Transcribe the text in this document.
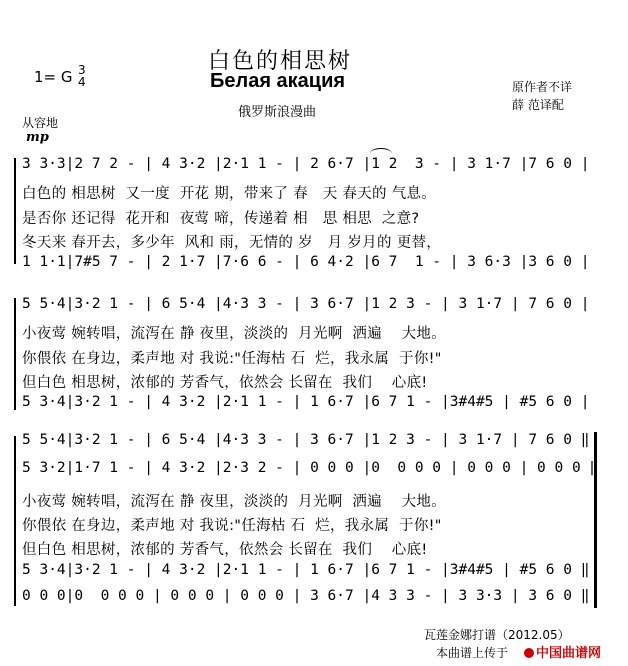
白色的相思树
Белая акация
俄罗斯浪漫曲
1= G 3
4	原作者不详
薛 范译配
从容地
mp
3 3·3|2 7 2 - | 4 3·2 |2·1 1 - | 2 6·7 |1 2  3 - | 3 1·7 |7 6 0 |
白色的 相思树  又一度  开花 期，带来了 春   天 春天的 气息。
是否你 还记得  花开和  夜莺 啼，传递着 相   思 相思  之意?
冬天来 春开去，多少年  风和 雨，无情的 岁   月 岁月的 更替，
1 1·1|7#5 7 - | 2 1·7 |7·6 6 - | 6 4·2 |6 7  1 - | 3 6·3 |3 6 0 |
5 5·4|3·2 1 - | 6 5·4 |4·3 3 - | 3 6·7 |1 2 3 - | 3 1·7 | 7 6 0 |
小夜莺 婉转唱，流泻在 静 夜里，淡淡的  月光啊  洒遍    大地。
你偎依 在身边，柔声地 对 我说:"任海枯 石  烂，我永属  于你!"
但白色 相思树，浓郁的 芳香气，依然会 长留在  我们    心底!
5 3·4|3·2 1 - | 4 3·2 |2·1 1 - | 1 6·7 |6 7 1 - |3#4#5 | #5 6 0 |
5 5·4|3·2 1 - | 6 5·4 |4·3 3 - | 3 6·7 |1 2 3 - | 3 1·7 | 7 6 0 ‖
5 3·2|1·7 1 - | 4 3·2 |2·3 2 - | 0 0 0 |0  0 0 0 | 0 0 0 | 0 0 0 ‖
小夜莺 婉转唱，流泻在 静 夜里，淡淡的  月光啊  洒遍    大地。
你偎依 在身边，柔声地 对 我说:"任海枯 石  烂，我永属  于你!"
但白色 相思树，浓郁的 芳香气，依然会 长留在  我们    心底!
5 3·4|3·2 1 - | 4 3·2 |2·1 1 - | 1 6·7 |6 7 1 - |3#4#5 | #5 6 0 ‖
0 0 0|0  0 0 0 | 0 0 0 | 0 0 0 | 3 6·7 |4 3 3 - | 3 3·3 | 3 6 0 ‖
瓦莲金娜打谱（2012.05）
本曲谱上传于	中国曲谱网
